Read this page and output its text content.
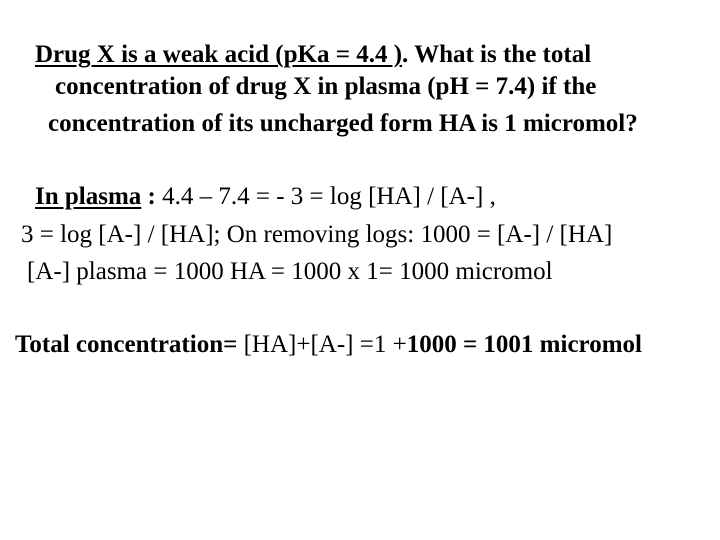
Drug X is a weak acid (pKa = 4.4 ). What is the total
concentration of drug X in plasma (pH = 7.4) if the
concentration of its uncharged form HA is 1 micromol?
In plasma : 4.4 – 7.4 = - 3 = log [HA] / [A-] ,
3 = log [A-] / [HA]; On removing logs: 1000 = [A-] / [HA]
[A-] plasma = 1000 HA = 1000 x 1= 1000 micromol
Total concentration= [HA]+[A-] =1 +1000 = 1001 micromol
